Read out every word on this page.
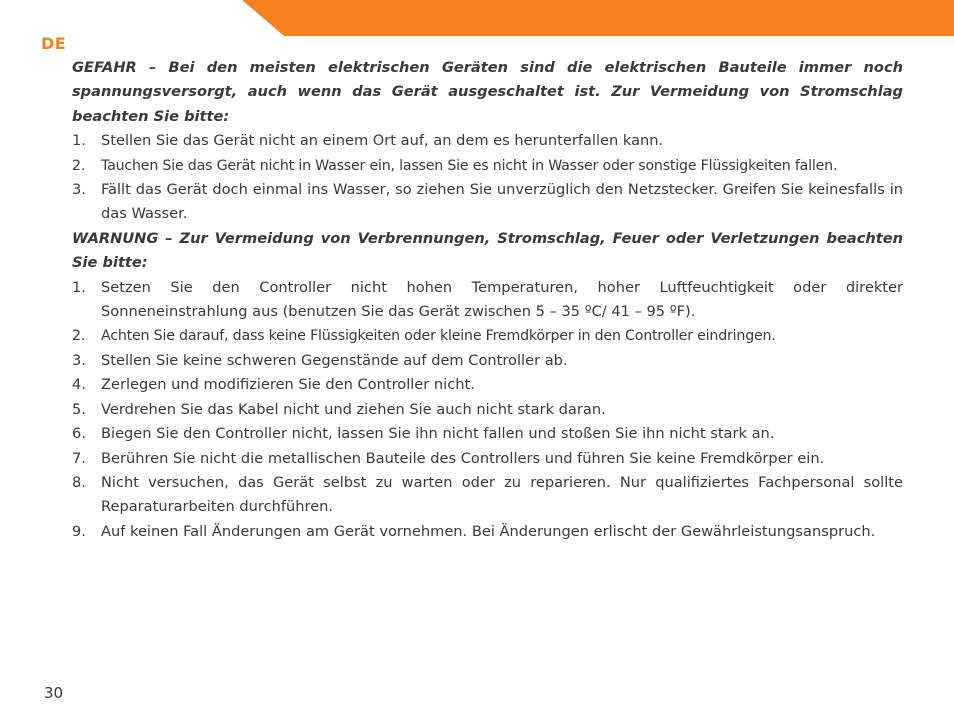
DE

GEFAHR – Bei den meisten elektrischen Geräten sind die elektrischen Bauteile immer noch spannungsversorgt, auch wenn das Gerät ausgeschaltet ist. Zur Vermeidung von Stromschlag beachten Sie bitte:

1. Stellen Sie das Gerät nicht an einem Ort auf, an dem es herunterfallen kann.
2. Tauchen Sie das Gerät nicht in Wasser ein, lassen Sie es nicht in Wasser oder sonstige Flüssigkeiten fallen.
3. Fällt das Gerät doch einmal ins Wasser, so ziehen Sie unverzüglich den Netzstecker. Greifen Sie keinesfalls in das Wasser.

WARNUNG – Zur Vermeidung von Verbrennungen, Stromschlag, Feuer oder Verletzungen beachten Sie bitte:

1. Setzen Sie den Controller nicht hohen Temperaturen, hoher Luftfeuchtigkeit oder direkter Sonneneinstrahlung aus (benutzen Sie das Gerät zwischen 5 – 35 ºC/ 41 – 95 ºF).
2. Achten Sie darauf, dass keine Flüssigkeiten oder kleine Fremdkörper in den Controller eindringen.
3. Stellen Sie keine schweren Gegenstände auf dem Controller ab.
4. Zerlegen und modifizieren Sie den Controller nicht.
5. Verdrehen Sie das Kabel nicht und ziehen Sie auch nicht stark daran.
6. Biegen Sie den Controller nicht, lassen Sie ihn nicht fallen und stoßen Sie ihn nicht stark an.
7. Berühren Sie nicht die metallischen Bauteile des Controllers und führen Sie keine Fremdkörper ein.
8. Nicht versuchen, das Gerät selbst zu warten oder zu reparieren. Nur qualifiziertes Fachpersonal sollte Reparaturarbeiten durchführen.
9. Auf keinen Fall Änderungen am Gerät vornehmen. Bei Änderungen erlischt der Gewährleistungsanspruch.
30
